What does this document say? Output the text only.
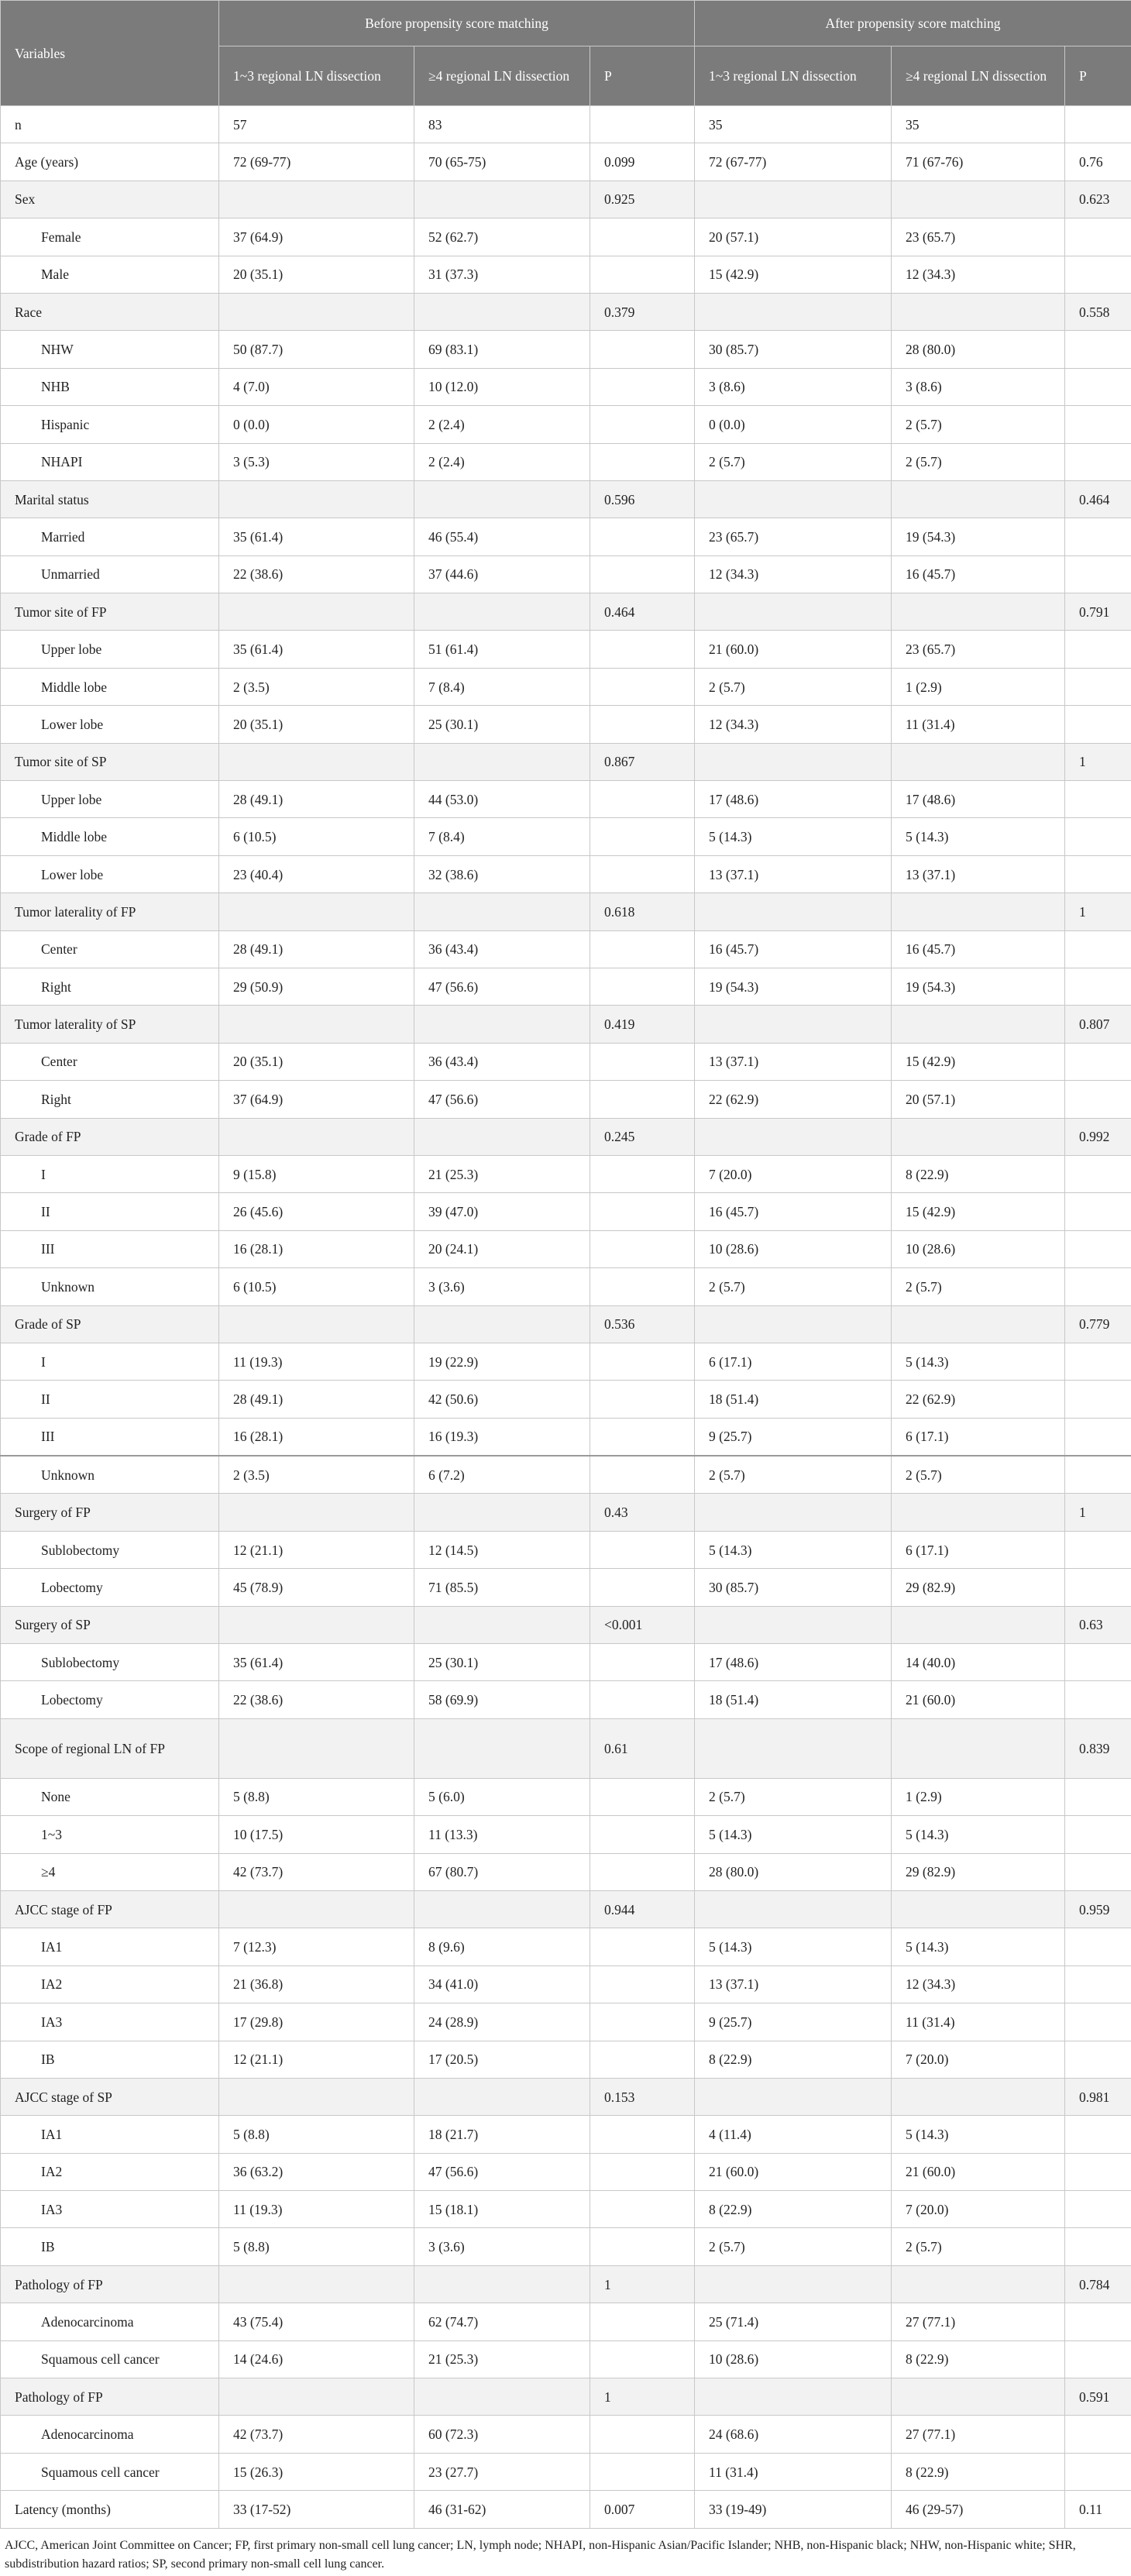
Variables	Before propensity score matching			After propensity score matching		
	1~3 regional LN dissection	≥4 regional LN dissection	P	1~3 regional LN dissection	≥4 regional LN dissection	P
n	57	83		35	35	
Age (years)	72 (69-77)	70 (65-75)	0.099	72 (67-77)	71 (67-76)	0.76
Sex			0.925			0.623
Female	37 (64.9)	52 (62.7)		20 (57.1)	23 (65.7)	
Male	20 (35.1)	31 (37.3)		15 (42.9)	12 (34.3)	
Race			0.379			0.558
NHW	50 (87.7)	69 (83.1)		30 (85.7)	28 (80.0)	
NHB	4 (7.0)	10 (12.0)		3 (8.6)	3 (8.6)	
Hispanic	0 (0.0)	2 (2.4)		0 (0.0)	2 (5.7)	
NHAPI	3 (5.3)	2 (2.4)		2 (5.7)	2 (5.7)	
Marital status			0.596			0.464
Married	35 (61.4)	46 (55.4)		23 (65.7)	19 (54.3)	
Unmarried	22 (38.6)	37 (44.6)		12 (34.3)	16 (45.7)	
Tumor site of FP			0.464			0.791
Upper lobe	35 (61.4)	51 (61.4)		21 (60.0)	23 (65.7)	
Middle lobe	2 (3.5)	7 (8.4)		2 (5.7)	1 (2.9)	
Lower lobe	20 (35.1)	25 (30.1)		12 (34.3)	11 (31.4)	
Tumor site of SP			0.867			1
Upper lobe	28 (49.1)	44 (53.0)		17 (48.6)	17 (48.6)	
Middle lobe	6 (10.5)	7 (8.4)		5 (14.3)	5 (14.3)	
Lower lobe	23 (40.4)	32 (38.6)		13 (37.1)	13 (37.1)	
Tumor laterality of FP			0.618			1
Center	28 (49.1)	36 (43.4)		16 (45.7)	16 (45.7)	
Right	29 (50.9)	47 (56.6)		19 (54.3)	19 (54.3)	
Tumor laterality of SP			0.419			0.807
Center	20 (35.1)	36 (43.4)		13 (37.1)	15 (42.9)	
Right	37 (64.9)	47 (56.6)		22 (62.9)	20 (57.1)	
Grade of FP			0.245			0.992
I	9 (15.8)	21 (25.3)		7 (20.0)	8 (22.9)	
II	26 (45.6)	39 (47.0)		16 (45.7)	15 (42.9)	
III	16 (28.1)	20 (24.1)		10 (28.6)	10 (28.6)	
Unknown	6 (10.5)	3 (3.6)		2 (5.7)	2 (5.7)	
Grade of SP			0.536			0.779
I	11 (19.3)	19 (22.9)		6 (17.1)	5 (14.3)	
II	28 (49.1)	42 (50.6)		18 (51.4)	22 (62.9)	
III	16 (28.1)	16 (19.3)		9 (25.7)	6 (17.1)	
Unknown	2 (3.5)	6 (7.2)		2 (5.7)	2 (5.7)	
Surgery of FP			0.43			1
Sublobectomy	12 (21.1)	12 (14.5)		5 (14.3)	6 (17.1)	
Lobectomy	45 (78.9)	71 (85.5)		30 (85.7)	29 (82.9)	
Surgery of SP			<0.001			0.63
Sublobectomy	35 (61.4)	25 (30.1)		17 (48.6)	14 (40.0)	
Lobectomy	22 (38.6)	58 (69.9)		18 (51.4)	21 (60.0)	
Scope of regional LN of FP			0.61			0.839
None	5 (8.8)	5 (6.0)		2 (5.7)	1 (2.9)	
1~3	10 (17.5)	11 (13.3)		5 (14.3)	5 (14.3)	
≥4	42 (73.7)	67 (80.7)		28 (80.0)	29 (82.9)	
AJCC stage of FP			0.944			0.959
IA1	7 (12.3)	8 (9.6)		5 (14.3)	5 (14.3)	
IA2	21 (36.8)	34 (41.0)		13 (37.1)	12 (34.3)	
IA3	17 (29.8)	24 (28.9)		9 (25.7)	11 (31.4)	
IB	12 (21.1)	17 (20.5)		8 (22.9)	7 (20.0)	
AJCC stage of SP			0.153			0.981
IA1	5 (8.8)	18 (21.7)		4 (11.4)	5 (14.3)	
IA2	36 (63.2)	47 (56.6)		21 (60.0)	21 (60.0)	
IA3	11 (19.3)	15 (18.1)		8 (22.9)	7 (20.0)	
IB	5 (8.8)	3 (3.6)		2 (5.7)	2 (5.7)	
Pathology of FP			1			0.784
Adenocarcinoma	43 (75.4)	62 (74.7)		25 (71.4)	27 (77.1)	
Squamous cell cancer	14 (24.6)	21 (25.3)		10 (28.6)	8 (22.9)	
Pathology of FP			1			0.591
Adenocarcinoma	42 (73.7)	60 (72.3)		24 (68.6)	27 (77.1)	
Squamous cell cancer	15 (26.3)	23 (27.7)		11 (31.4)	8 (22.9)	
Latency (months)	33 (17-52)	46 (31-62)	0.007	33 (19-49)	46 (29-57)	0.11
AJCC, American Joint Committee on Cancer; FP, first primary non-small cell lung cancer; LN, lymph node; NHAPI, non-Hispanic Asian/Pacific Islander; NHB, non-Hispanic black; NHW, non-Hispanic white; SHR, subdistribution hazard ratios; SP, second primary non-small cell lung cancer.
